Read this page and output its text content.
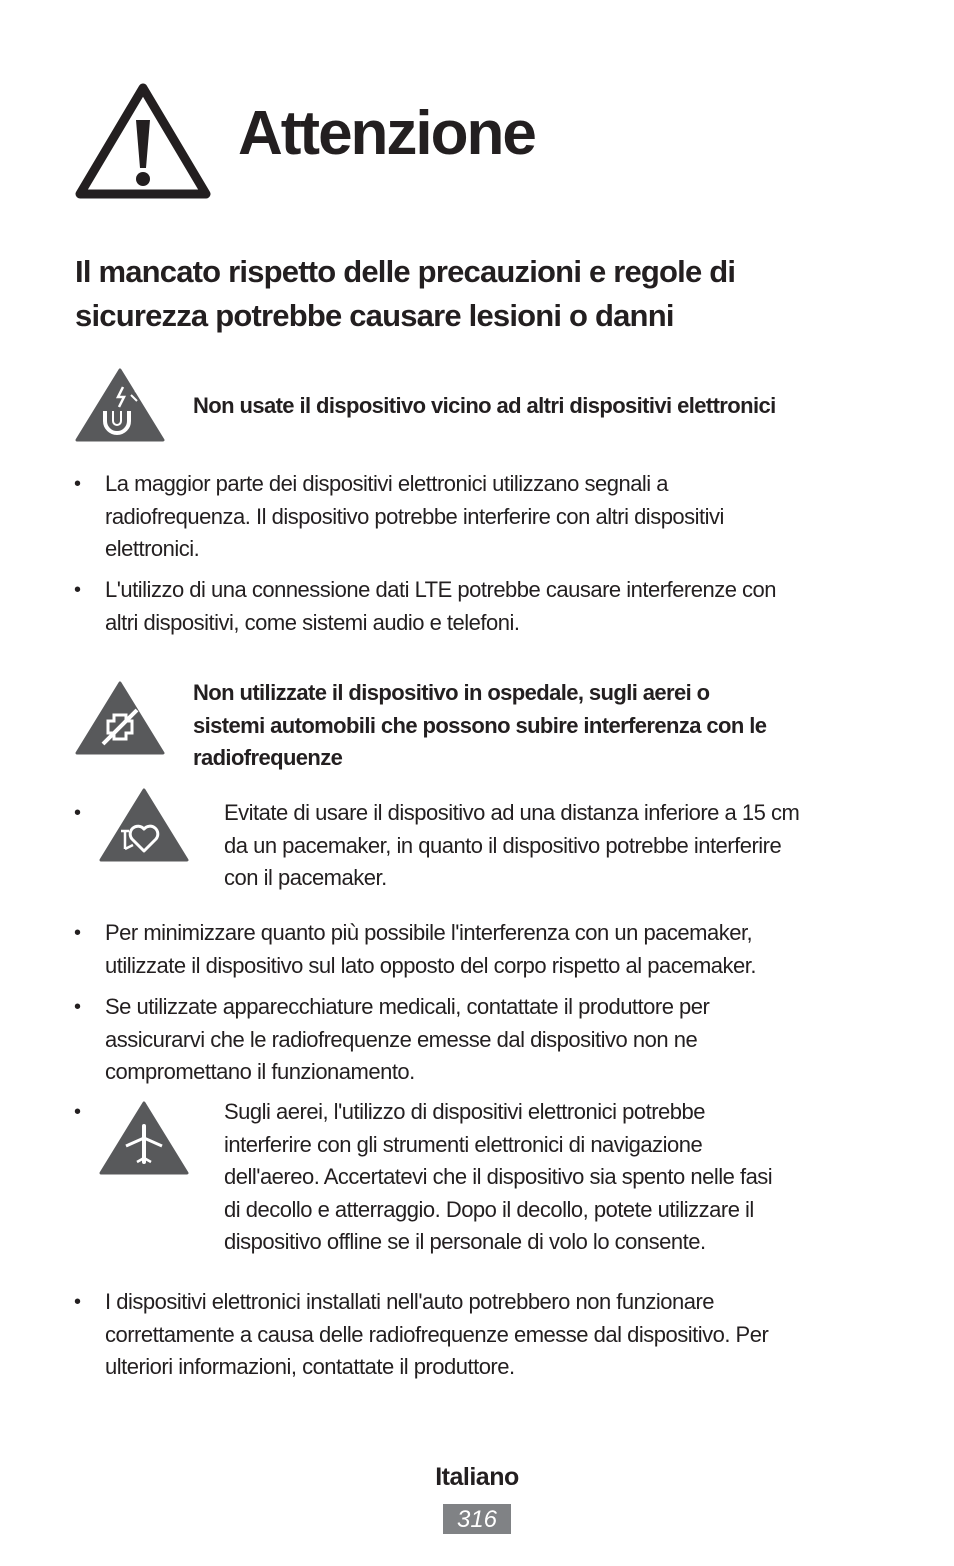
Attenzione
Il mancato rispetto delle precauzioni e regole di
sicurezza potrebbe causare lesioni o danni
Non usate il dispositivo vicino ad altri dispositivi elettronici
• La maggior parte dei dispositivi elettronici utilizzano segnali a
radiofrequenza. Il dispositivo potrebbe interferire con altri dispositivi
elettronici.
• L'utilizzo di una connessione dati LTE potrebbe causare interferenze con
altri dispositivi, come sistemi audio e telefoni.
Non utilizzate il dispositivo in ospedale, sugli aerei o
sistemi automobili che possono subire interferenza con le
radiofrequenze
•	Evitate di usare il dispositivo ad una distanza inferiore a 15 cm
da un pacemaker, in quanto il dispositivo potrebbe interferire
con il pacemaker.
• Per minimizzare quanto più possibile l'interferenza con un pacemaker,
utilizzate il dispositivo sul lato opposto del corpo rispetto al pacemaker.
• Se utilizzate apparecchiature medicali, contattate il produttore per
assicurarvi che le radiofrequenze emesse dal dispositivo non ne
compromettano il funzionamento.
•	Sugli aerei, l'utilizzo di dispositivi elettronici potrebbe
interferire con gli strumenti elettronici di navigazione
dell'aereo. Accertatevi che il dispositivo sia spento nelle fasi
di decollo e atterraggio. Dopo il decollo, potete utilizzare il
dispositivo offline se il personale di volo lo consente.
• I dispositivi elettronici installati nell'auto potrebbero non funzionare
correttamente a causa delle radiofrequenze emesse dal dispositivo. Per
ulteriori informazioni, contattate il produttore.
Italiano
316
